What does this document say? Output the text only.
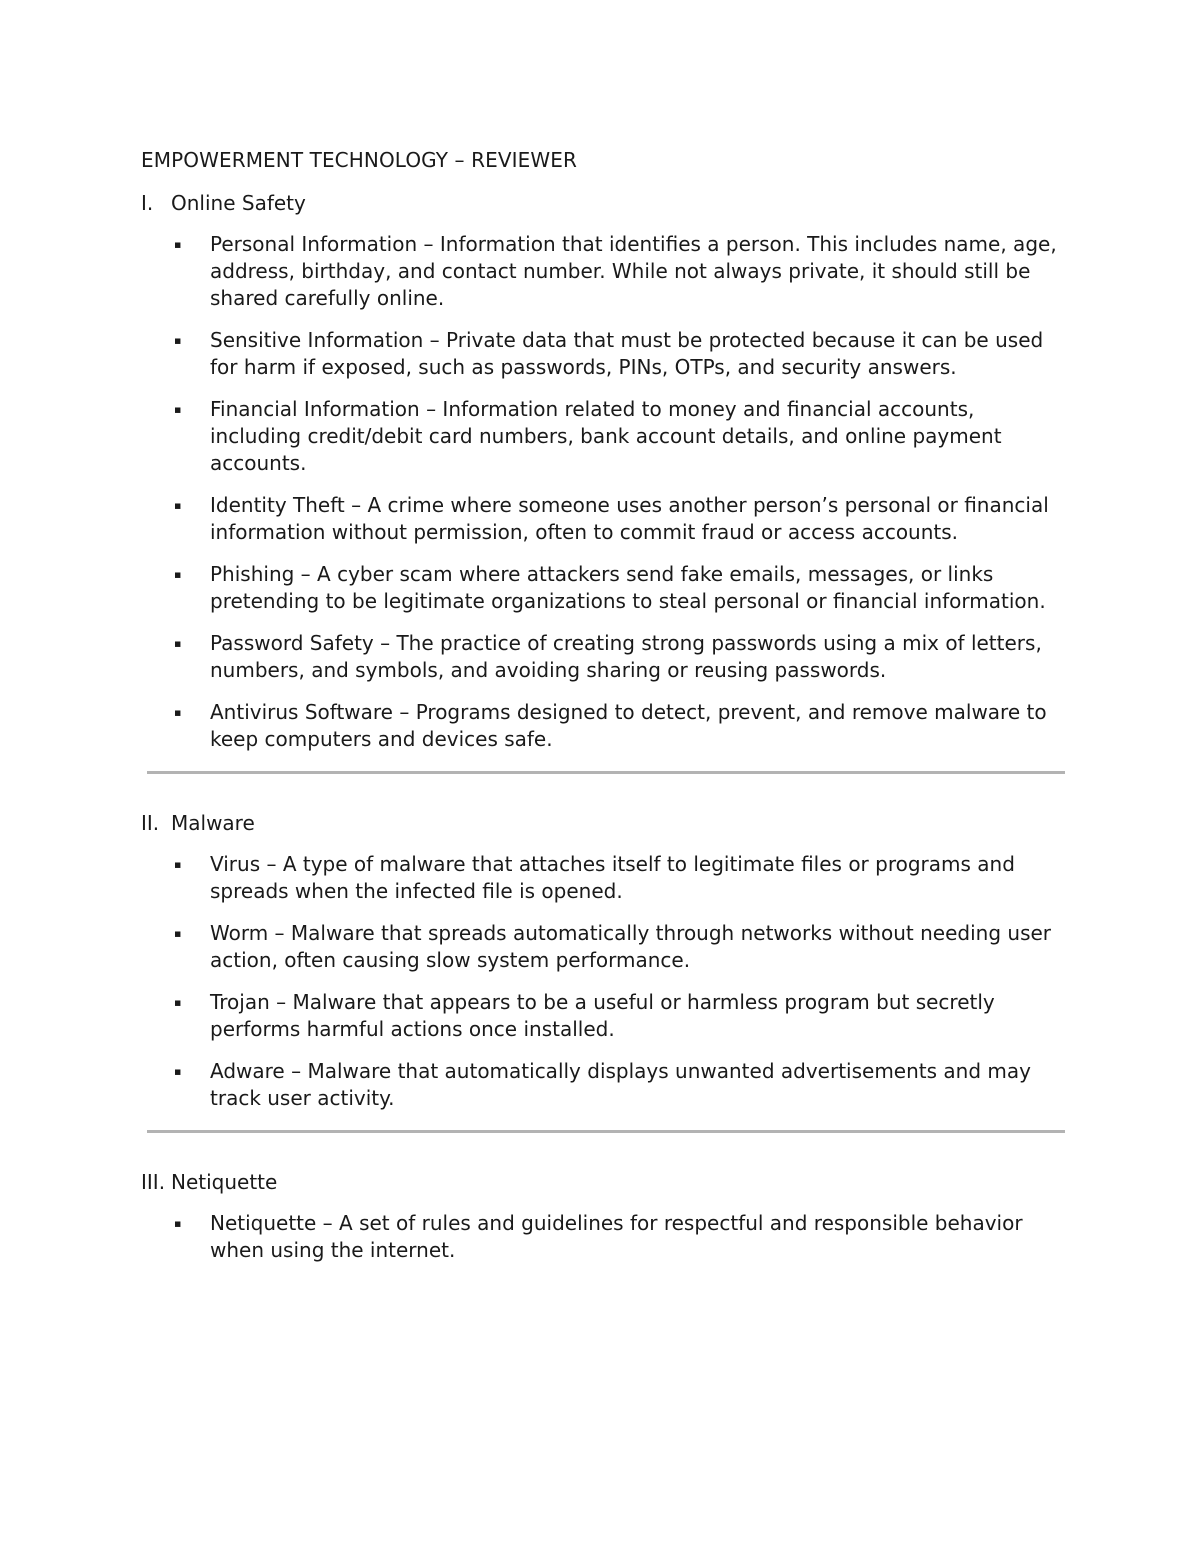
EMPOWERMENT TECHNOLOGY – REVIEWER
I. Online Safety
▪ Personal Information – Information that identifies a person. This includes name, age, address, birthday, and contact number. While not always private, it should still be shared carefully online.
▪ Sensitive Information – Private data that must be protected because it can be used for harm if exposed, such as passwords, PINs, OTPs, and security answers.
▪ Financial Information – Information related to money and financial accounts, including credit/debit card numbers, bank account details, and online payment accounts.
▪ Identity Theft – A crime where someone uses another person’s personal or financial information without permission, often to commit fraud or access accounts.
▪ Phishing – A cyber scam where attackers send fake emails, messages, or links pretending to be legitimate organizations to steal personal or financial information.
▪ Password Safety – The practice of creating strong passwords using a mix of letters, numbers, and symbols, and avoiding sharing or reusing passwords.
▪ Antivirus Software – Programs designed to detect, prevent, and remove malware to keep computers and devices safe.
II. Malware
▪ Virus – A type of malware that attaches itself to legitimate files or programs and spreads when the infected file is opened.
▪ Worm – Malware that spreads automatically through networks without needing user action, often causing slow system performance.
▪ Trojan – Malware that appears to be a useful or harmless program but secretly performs harmful actions once installed.
▪ Adware – Malware that automatically displays unwanted advertisements and may track user activity.
III. Netiquette
▪ Netiquette – A set of rules and guidelines for respectful and responsible behavior when using the internet.
